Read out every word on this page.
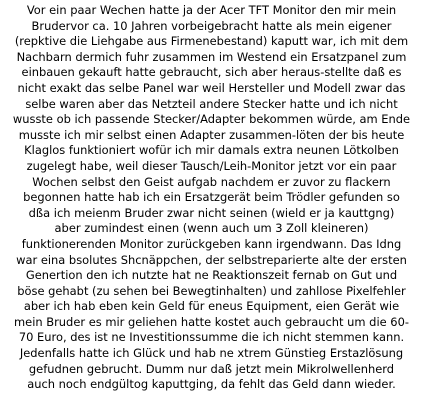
Vor ein paar Wechen hatte ja der Acer TFT Monitor den mir mein
Brudervor ca. 10 Jahren vorbeigebracht hatte als mein eigener
(repktive die Liehgabe aus Firmenebestand) kaputt war, ich mit dem
Nachbarn dermich fuhr zusammen im Westend ein Ersatzpanel zum
einbauen gekauft hatte gebraucht, sich aber heraus-stellte daß es
nicht exakt das selbe Panel war weil Hersteller und Modell zwar das
selbe waren aber das Netzteil andere Stecker hatte und ich nicht
wusste ob ich passende Stecker/Adapter bekommen würde, am Ende
musste ich mir selbst einen Adapter zusammen-löten der bis heute
Klaglos funktioniert wofür ich mir damals extra neunen Lötkolben
zugelegt habe, weil dieser Tausch/Leih-Monitor jetzt vor ein paar
Wochen selbst den Geist aufgab nachdem er zuvor zu flackern
begonnen hatte hab ich ein Ersatzgerät beim Trödler gefunden so
dßa ich meienm Bruder zwar nicht seinen (wield er ja kauttgng)
aber zumindest einen (wenn auch um 3 Zoll kleineren)
funktionerenden Monitor zurückgeben kann irgendwann. Das Idng
war eina bsolutes Shcnäppchen, der selbstreparierte alte der ersten
Genertion den ich nutzte hat ne Reaktionszeit fernab on Gut und
böse gehabt (zu sehen bei Bewegtinhalten) und zahllose Pixelfehler
aber ich hab eben kein Geld für eneus Equipment, eien Gerät wie
mein Bruder es mir geliehen hatte kostet auch gebraucht um die 60-
70 Euro, des ist ne Investitionssumme die ich nicht stemmen kann.
Jedenfalls hatte ich Glück und hab ne xtrem Günstieg Erstazlösung
gefudnen gebrucht. Dumm nur daß jetzt mein Mikrolwellenherd
auch noch endgültog kaputtging, da fehlt das Geld dann wieder.
